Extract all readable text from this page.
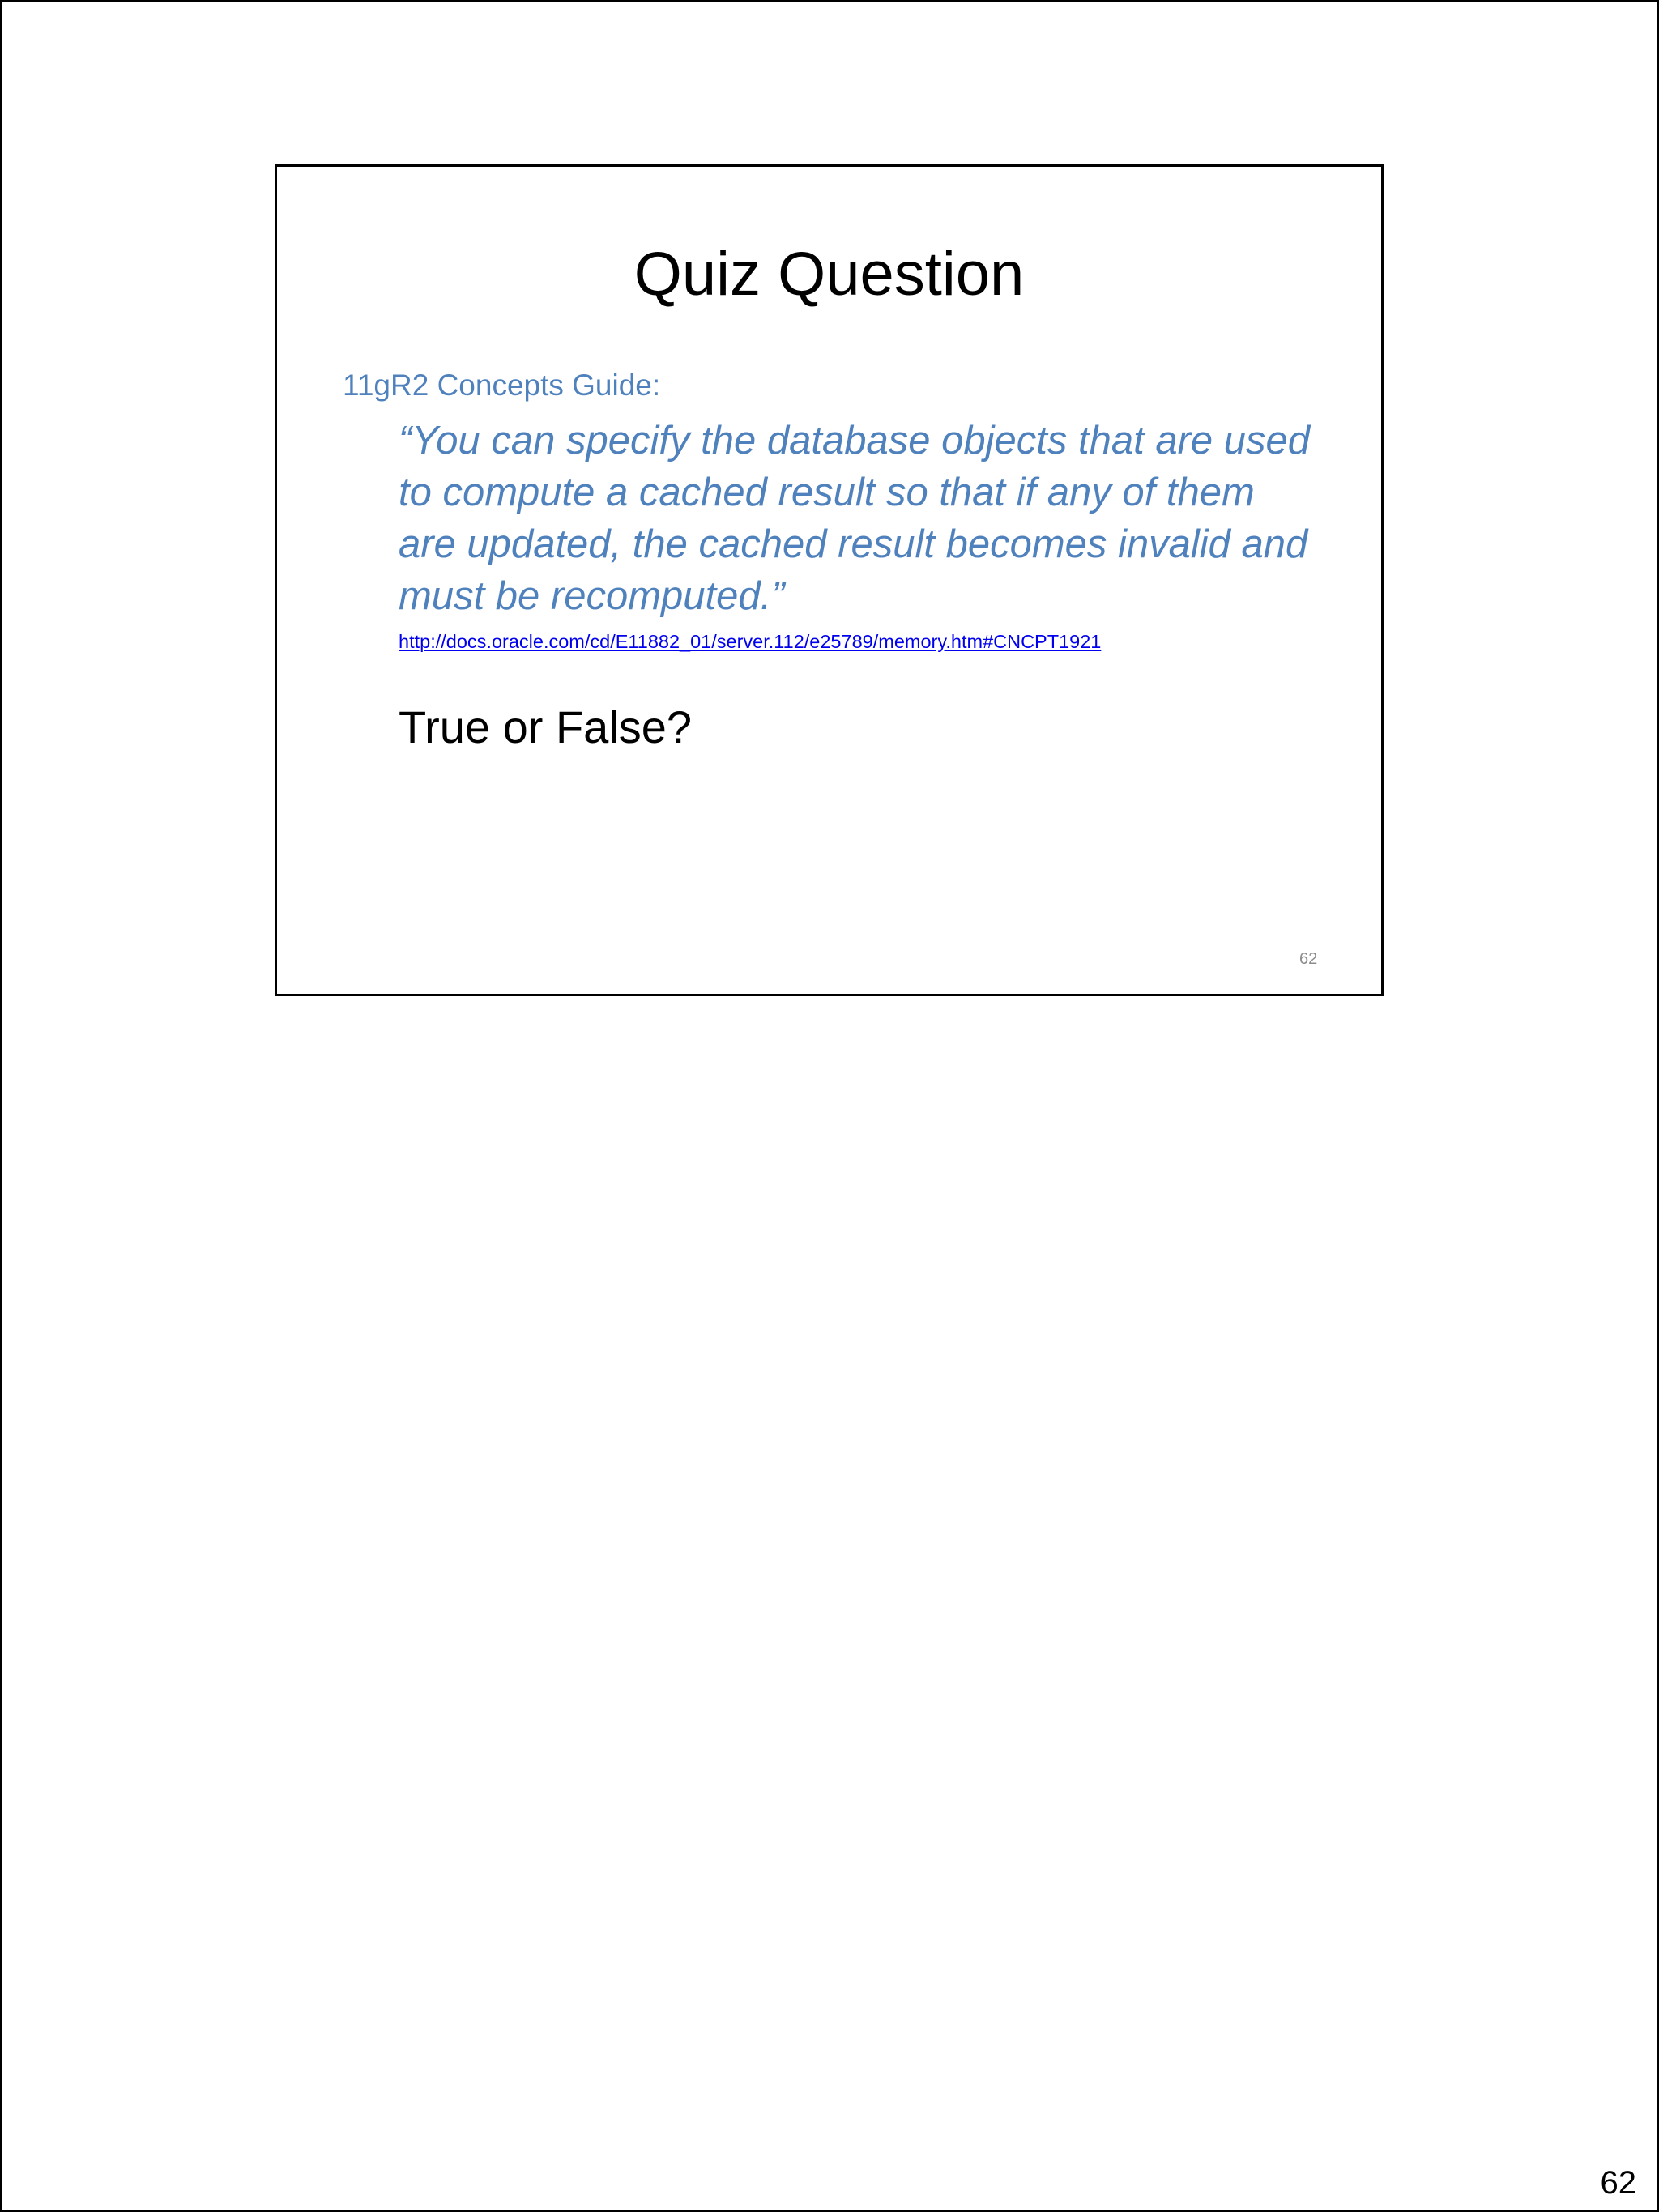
Quiz Question
11gR2 Concepts Guide:

“You can specify the database objects that are used to compute a cached result so that if any of them are updated, the cached result becomes invalid and must be recomputed.”

http://docs.oracle.com/cd/E11882_01/server.112/e25789/memory.htm#CNCPT1921
True or False?
62
62
